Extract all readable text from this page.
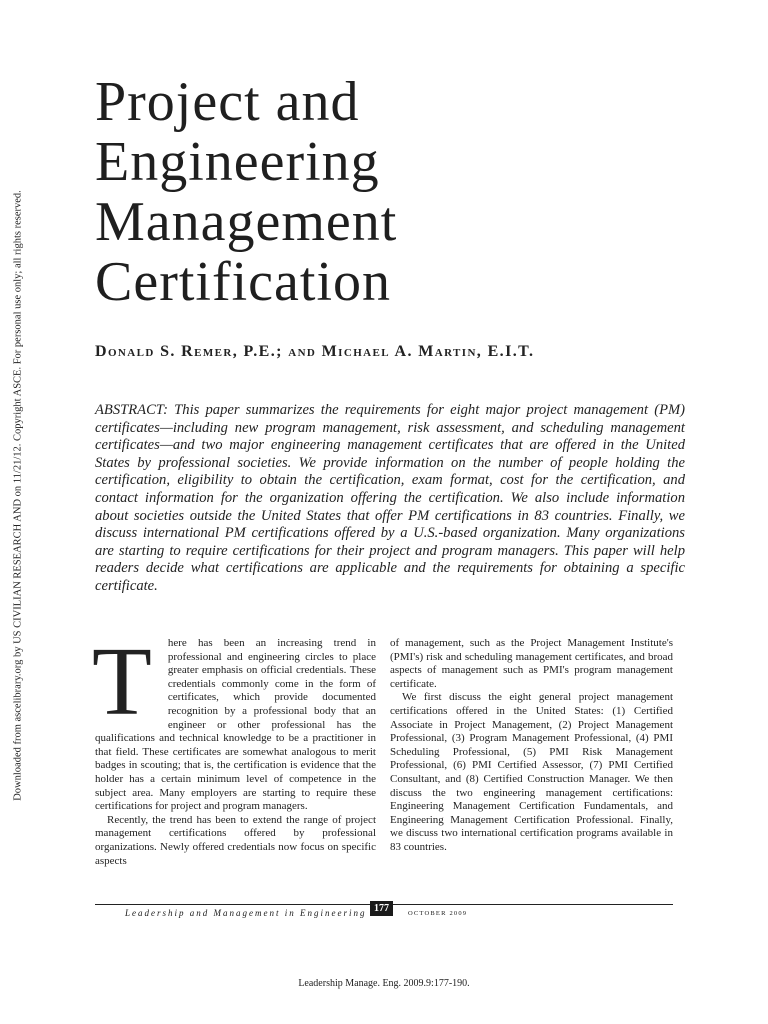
Downloaded from ascelibrary.org by US CIVILIAN RESEARCH AND on 11/21/12. Copyright ASCE. For personal use only; all rights reserved.
Project and
Engineering
Management
Certification
Donald S. Remer, P.E.; and Michael A. Martin, E.I.T.

ABSTRACT: This paper summarizes the requirements for eight major project management (PM) certificates—including new program management, risk assessment, and scheduling management certificates—and two major engineering management certificates that are offered in the United States by professional societies. We provide information on the number of people holding the certification, eligibility to obtain the certification, exam format, cost for the certification, and contact information for the organization offering the certification. We also include information about societies outside the United States that offer PM certifications in 83 countries. Finally, we discuss international PM certifications offered by a U.S.-based organization. Many organizations are starting to require certifications for their project and program managers. This paper will help readers decide what certifications are applicable and the requirements for obtaining a specific certificate.

T here has been an increasing trend in professional and engineering circles to place greater emphasis on official credentials. These credentials commonly come in the form of certificates, which provide documented recognition by a professional body that an engineer or other professional has the qualifications and technical knowledge to be a practitioner in that field. These certificates are somewhat analogous to merit badges in scouting; that is, the certification is evidence that the holder has a certain minimum level of competence in the subject area. Many employers are starting to require these certifications for project and program managers.

Recently, the trend has been to extend the range of project management certifications offered by professional organizations. Newly offered credentials now focus on specific aspects

of management, such as the Project Management Institute's (PMI's) risk and scheduling management certificates, and broad aspects of management such as PMI's program management certificate.

We first discuss the eight general project management certifications offered in the United States: (1) Certified Associate in Project Management, (2) Project Management Professional, (3) Program Management Professional, (4) PMI Scheduling Professional, (5) PMI Risk Management Professional, (6) PMI Certified Assessor, (7) PMI Certified Consultant, and (8) Certified Construction Manager. We then discuss the two engineering management certifications: Engineering Management Certification Fundamentals, and Engineering Management Certification Professional. Finally, we discuss two international certification programs available in 83 countries.

Leadership and Management in Engineering 177	OCTOBER 2009
Leadership Manage. Eng. 2009.9:177-190.
